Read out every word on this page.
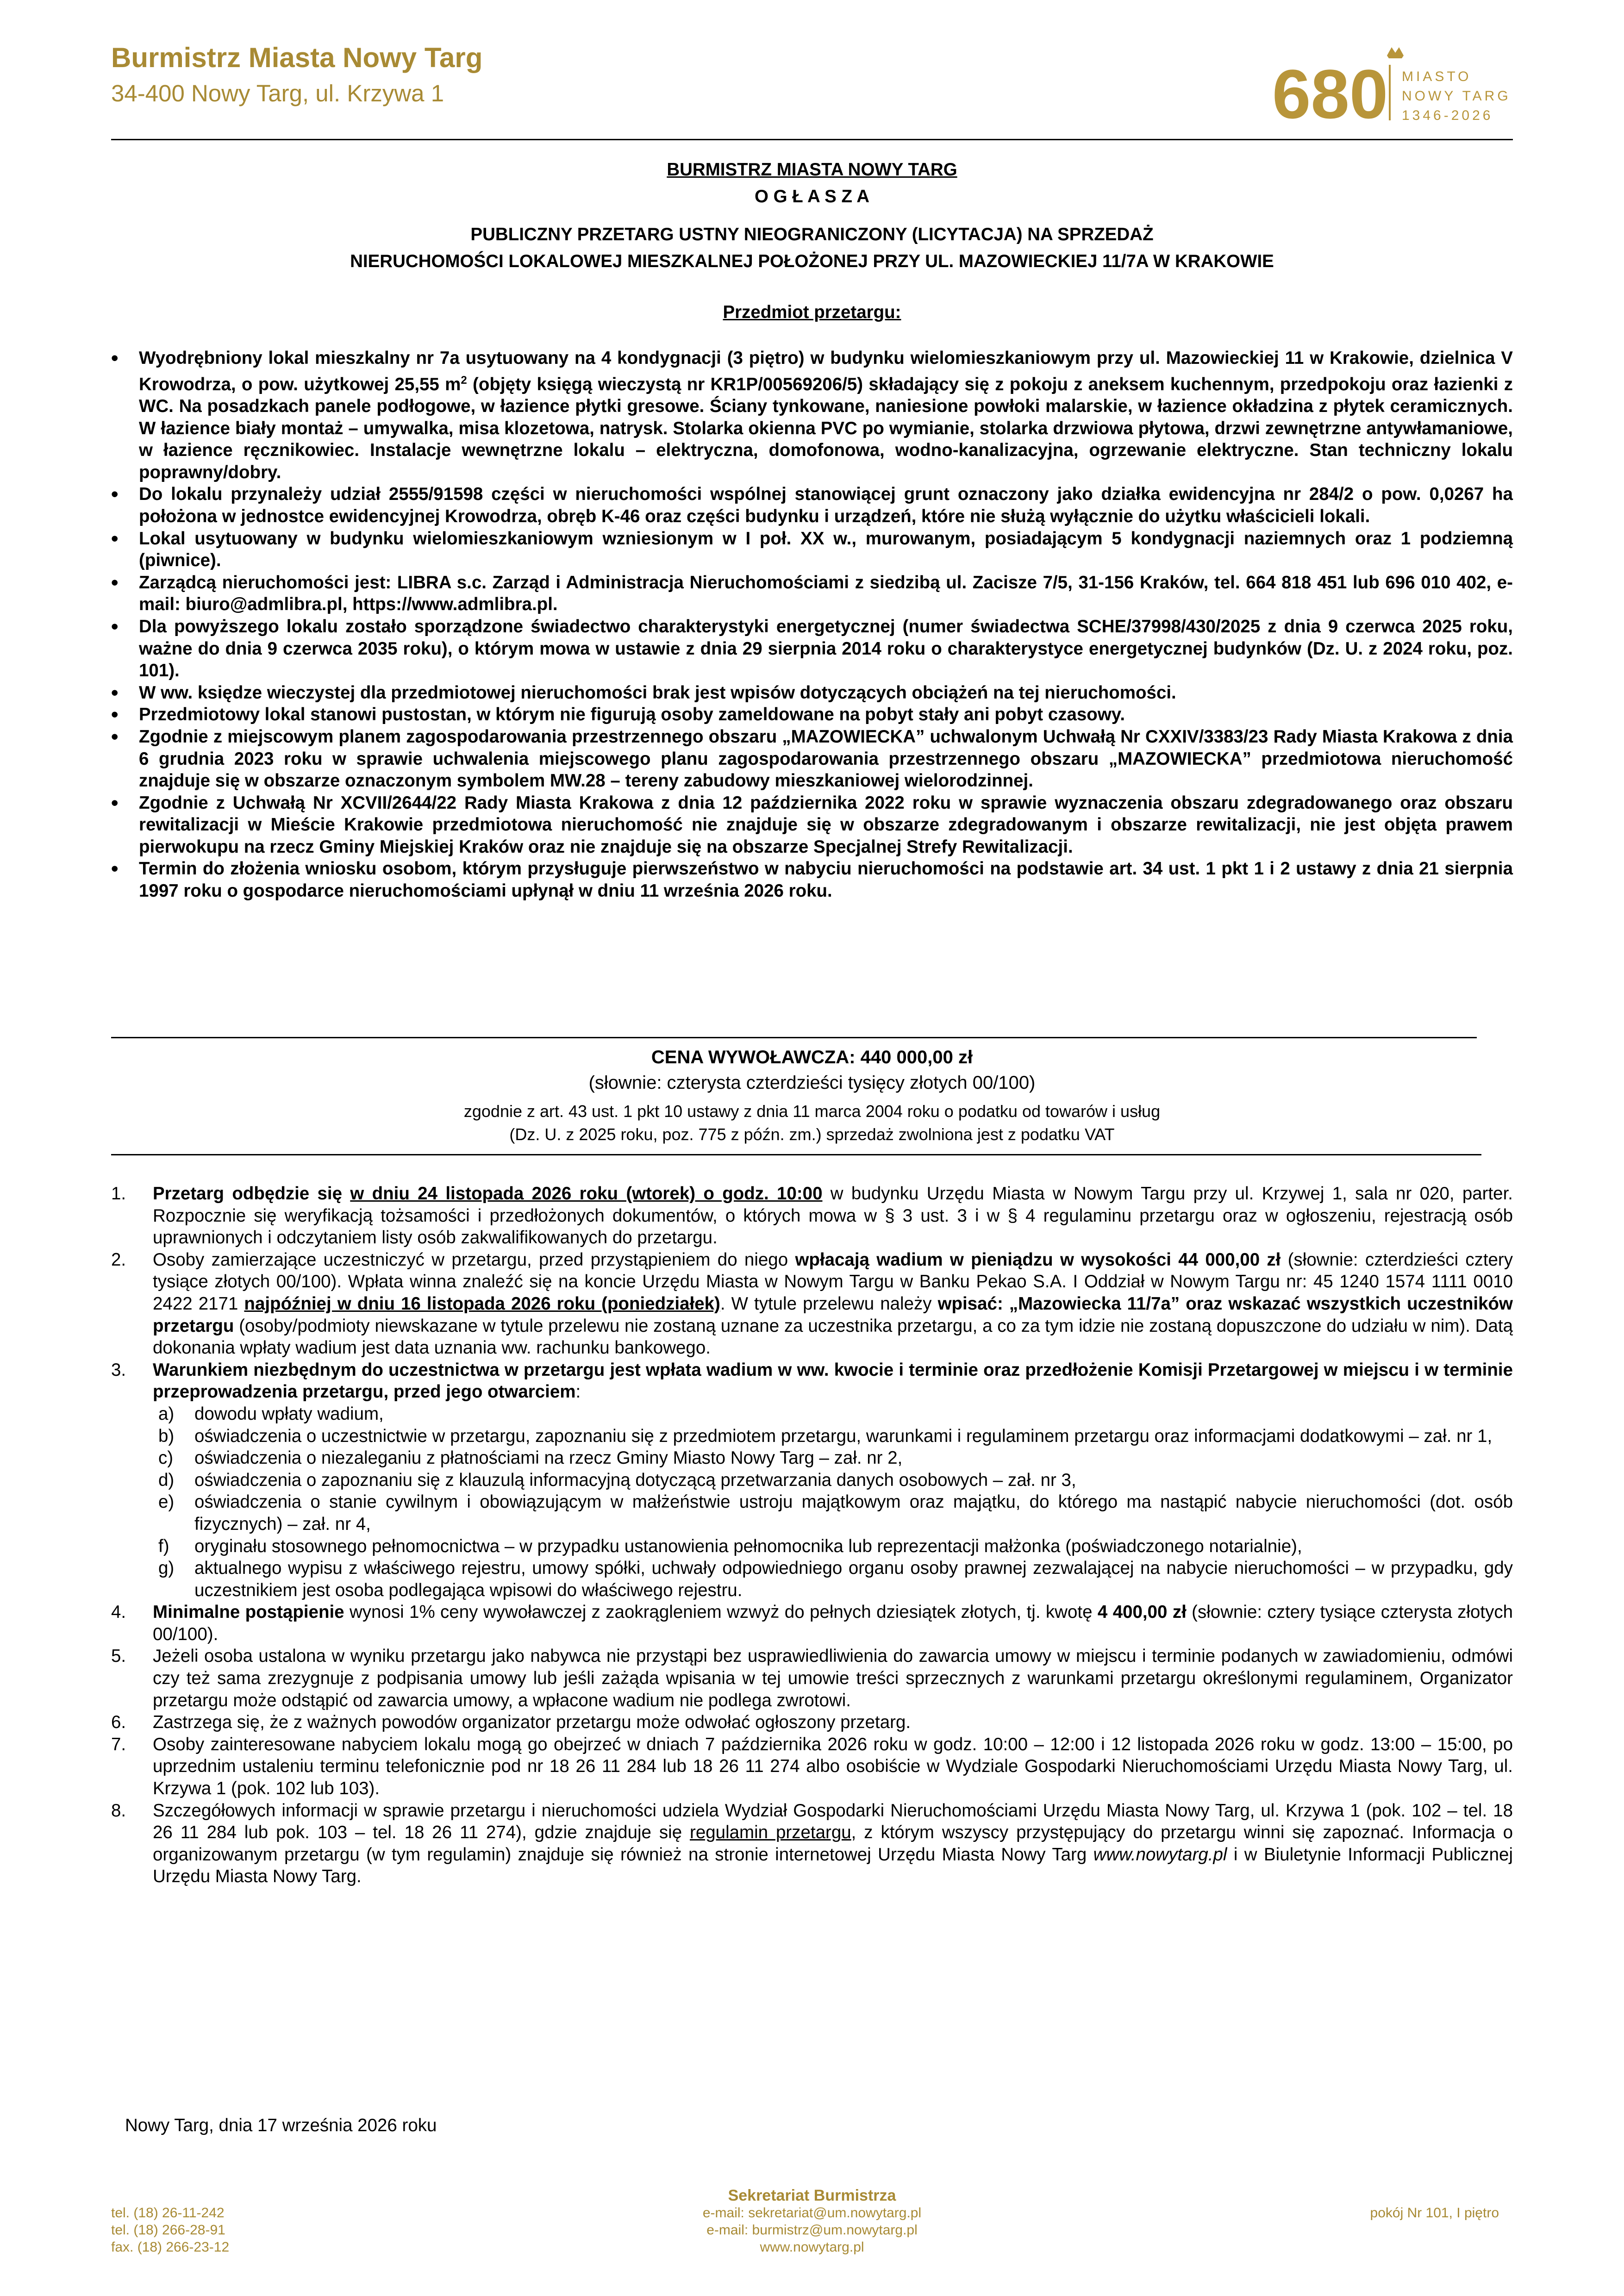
Burmistrz Miasta Nowy Targ
34-400 Nowy Targ, ul. Krzywa 1	680 MIASTO
NOWY TARG
1346-2026
BURMISTRZ MIASTA NOWY TARG
O G Ł A S Z A
PUBLICZNY PRZETARG USTNY NIEOGRANICZONY (LICYTACJA) NA SPRZEDAŻ
NIERUCHOMOŚCI LOKALOWEJ MIESZKALNEJ POŁOŻONEJ PRZY UL. MAZOWIECKIEJ 11/7A W KRAKOWIE
Przedmiot przetargu:
• Wyodrębniony lokal mieszkalny nr 7a usytuowany na 4 kondygnacji (3 piętro) w budynku wielomieszkaniowym przy ul. Mazowieckiej 11 w Krakowie, dzielnica V Krowodrza, o pow. użytkowej 25,55 $m^2$ (objęty księgą wieczystą nr KR1P/00569206/5) składający się z pokoju z aneksem kuchennym, przedpokoju oraz łazienki z WC. Na posadzkach panele podłogowe, w łazience płytki gresowe. Ściany tynkowane, naniesione powłoki malarskie, w łazience okładzina z płytek ceramicznych. W łazience biały montaż – umywalka, misa klozetowa, natrysk. Stolarka okienna PVC po wymianie, stolarka drzwiowa płytowa, drzwi zewnętrzne antywłamaniowe, w łazience ręcznikowiec. Instalacje wewnętrzne lokalu – elektryczna, domofonowa, wodno-kanalizacyjna, ogrzewanie elektryczne. Stan techniczny lokalu poprawny/dobry.
• Do lokalu przynależy udział 2555/91598 części w nieruchomości wspólnej stanowiącej grunt oznaczony jako działka ewidencyjna nr 284/2 o pow. 0,0267 ha położona w jednostce ewidencyjnej Krowodrza, obręb K-46 oraz części budynku i urządzeń, które nie służą wyłącznie do użytku właścicieli lokali.
• Lokal usytuowany w budynku wielomieszkaniowym wzniesionym w I poł. XX w., murowanym, posiadającym 5 kondygnacji naziemnych oraz 1 podziemną (piwnice).
• Zarządcą nieruchomości jest: LIBRA s.c. Zarząd i Administracja Nieruchomościami z siedzibą ul. Zacisze 7/5, 31-156 Kraków, tel. 664 818 451 lub 696 010 402, e-mail: biuro@admlibra.pl, https://www.admlibra.pl.
• Dla powyższego lokalu zostało sporządzone świadectwo charakterystyki energetycznej (numer świadectwa SCHE/37998/430/2025 z dnia 9 czerwca 2025 roku, ważne do dnia 9 czerwca 2035 roku), o którym mowa w ustawie z dnia 29 sierpnia 2014 roku o charakterystyce energetycznej budynków (Dz. U. z 2024 roku, poz. 101).
• W ww. księdze wieczystej dla przedmiotowej nieruchomości brak jest wpisów dotyczących obciążeń na tej nieruchomości.
• Przedmiotowy lokal stanowi pustostan, w którym nie figurują osoby zameldowane na pobyt stały ani pobyt czasowy.
• Zgodnie z miejscowym planem zagospodarowania przestrzennego obszaru „MAZOWIECKA” uchwalonym Uchwałą Nr CXXIV/3383/23 Rady Miasta Krakowa z dnia 6 grudnia 2023 roku w sprawie uchwalenia miejscowego planu zagospodarowania przestrzennego obszaru „MAZOWIECKA” przedmiotowa nieruchomość znajduje się w obszarze oznaczonym symbolem MW.28 – tereny zabudowy mieszkaniowej wielorodzinnej.
• Zgodnie z Uchwałą Nr XCVII/2644/22 Rady Miasta Krakowa z dnia 12 października 2022 roku w sprawie wyznaczenia obszaru zdegradowanego oraz obszaru rewitalizacji w Mieście Krakowie przedmiotowa nieruchomość nie znajduje się w obszarze zdegradowanym i obszarze rewitalizacji, nie jest objęta prawem pierwokupu na rzecz Gminy Miejskiej Kraków oraz nie znajduje się na obszarze Specjalnej Strefy Rewitalizacji.
• Termin do złożenia wniosku osobom, którym przysługuje pierwszeństwo w nabyciu nieruchomości na podstawie art. 34 ust. 1 pkt 1 i 2 ustawy z dnia 21 sierpnia 1997 roku o gospodarce nieruchomościami upłynął w dniu 11 września 2026 roku.
CENA WYWOŁAWCZA: 440 000,00 zł
(słownie: czterysta czterdzieści tysięcy złotych 00/100)
zgodnie z art. 43 ust. 1 pkt 10 ustawy z dnia 11 marca 2004 roku o podatku od towarów i usług
(Dz. U. z 2025 roku, poz. 775 z późn. zm.) sprzedaż zwolniona jest z podatku VAT
1. Przetarg odbędzie się w dniu 24 listopada 2026 roku (wtorek) o godz. 10:00 w budynku Urzędu Miasta w Nowym Targu przy ul. Krzywej 1, sala nr 020, parter. Rozpocznie się weryfikacją tożsamości i przedłożonych dokumentów, o których mowa w § 3 ust. 3 i w § 4 regulaminu przetargu oraz w ogłoszeniu, rejestracją osób uprawnionych i odczytaniem listy osób zakwalifikowanych do przetargu.
2. Osoby zamierzające uczestniczyć w przetargu, przed przystąpieniem do niego wpłacają wadium w pieniądzu w wysokości 44 000,00 zł (słownie: czterdzieści cztery tysiące złotych 00/100). Wpłata winna znaleźć się na koncie Urzędu Miasta w Nowym Targu w Banku Pekao S.A. I Oddział w Nowym Targu nr: 45 1240 1574 1111 0010 2422 2171 najpóźniej w dniu 16 listopada 2026 roku (poniedziałek). W tytule przelewu należy wpisać: „Mazowiecka 11/7a” oraz wskazać wszystkich uczestników przetargu (osoby/podmioty niewskazane w tytule przelewu nie zostaną uznane za uczestnika przetargu, a co za tym idzie nie zostaną dopuszczone do udziału w nim). Datą dokonania wpłaty wadium jest data uznania ww. rachunku bankowego.
3. Warunkiem niezbędnym do uczestnictwa w przetargu jest wpłata wadium w ww. kwocie i terminie oraz przedłożenie Komisji Przetargowej w miejscu i w terminie przeprowadzenia przetargu, przed jego otwarciem:
a) dowodu wpłaty wadium,
b) oświadczenia o uczestnictwie w przetargu, zapoznaniu się z przedmiotem przetargu, warunkami i regulaminem przetargu oraz informacjami dodatkowymi – zał. nr 1,
c) oświadczenia o niezaleganiu z płatnościami na rzecz Gminy Miasto Nowy Targ – zał. nr 2,
d) oświadczenia o zapoznaniu się z klauzulą informacyjną dotyczącą przetwarzania danych osobowych – zał. nr 3,
e) oświadczenia o stanie cywilnym i obowiązującym w małżeństwie ustroju majątkowym oraz majątku, do którego ma nastąpić nabycie nieruchomości (dot. osób fizycznych) – zał. nr 4,
f) oryginału stosownego pełnomocnictwa – w przypadku ustanowienia pełnomocnika lub reprezentacji małżonka (poświadczonego notarialnie),
g) aktualnego wypisu z właściwego rejestru, umowy spółki, uchwały odpowiedniego organu osoby prawnej zezwalającej na nabycie nieruchomości – w przypadku, gdy uczestnikiem jest osoba podlegająca wpisowi do właściwego rejestru.
4. Minimalne postąpienie wynosi 1% ceny wywoławczej z zaokrągleniem wzwyż do pełnych dziesiątek złotych, tj. kwotę 4 400,00 zł (słownie: cztery tysiące czterysta złotych 00/100).
5. Jeżeli osoba ustalona w wyniku przetargu jako nabywca nie przystąpi bez usprawiedliwienia do zawarcia umowy w miejscu i terminie podanych w zawiadomieniu, odmówi czy też sama zrezygnuje z podpisania umowy lub jeśli zażąda wpisania w tej umowie treści sprzecznych z warunkami przetargu określonymi regulaminem, Organizator przetargu może odstąpić od zawarcia umowy, a wpłacone wadium nie podlega zwrotowi.
6. Zastrzega się, że z ważnych powodów organizator przetargu może odwołać ogłoszony przetarg.
7. Osoby zainteresowane nabyciem lokalu mogą go obejrzeć w dniach 7 października 2026 roku w godz. 10:00 – 12:00 i 12 listopada 2026 roku w godz. 13:00 – 15:00, po uprzednim ustaleniu terminu telefonicznie pod nr 18 26 11 284 lub 18 26 11 274 albo osobiście w Wydziale Gospodarki Nieruchomościami Urzędu Miasta Nowy Targ, ul. Krzywa 1 (pok. 102 lub 103).
8. Szczegółowych informacji w sprawie przetargu i nieruchomości udziela Wydział Gospodarki Nieruchomościami Urzędu Miasta Nowy Targ, ul. Krzywa 1 (pok. 102 – tel. 18 26 11 284 lub pok. 103 – tel. 18 26 11 274), gdzie znajduje się regulamin przetargu, z którym wszyscy przystępujący do przetargu winni się zapoznać. Informacja o organizowanym przetargu (w tym regulamin) znajduje się również na stronie internetowej Urzędu Miasta Nowy Targ www.nowytarg.pl i w Biuletynie Informacji Publicznej Urzędu Miasta Nowy Targ.
Nowy Targ, dnia 17 września 2026 roku
tel. (18) 26-11-242
tel. (18) 266-28-91
fax. (18) 266-23-12
Sekretariat Burmistrza
e-mail: sekretariat@um.nowytarg.pl
e-mail: burmistrz@um.nowytarg.pl
www.nowytarg.pl
pokój Nr 101, I piętro
